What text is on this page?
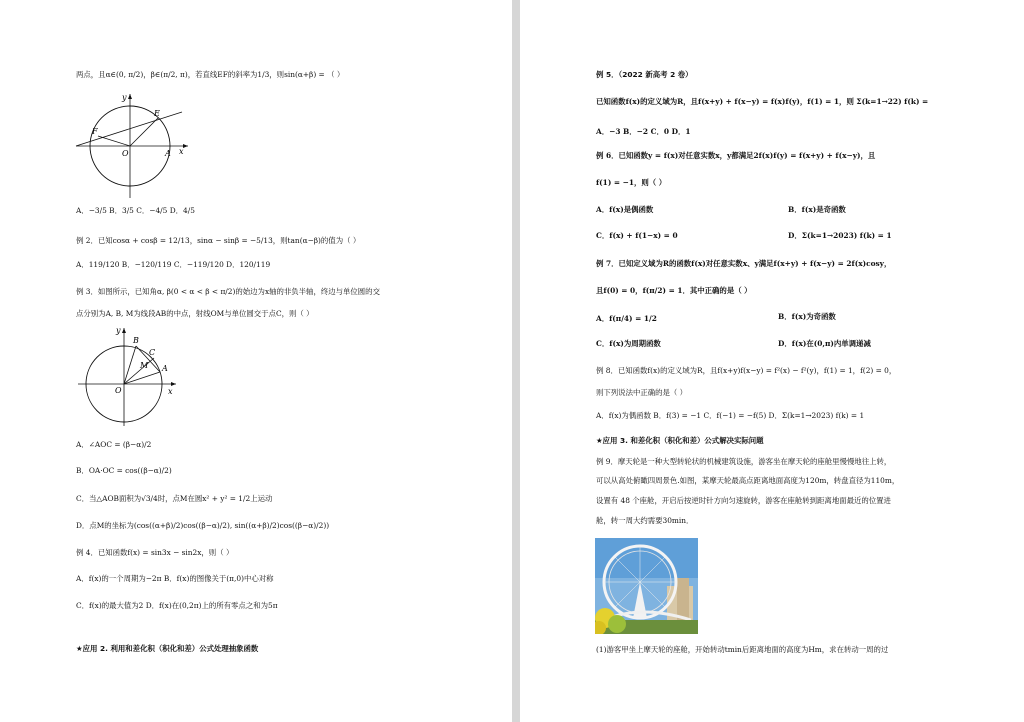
两点，且α∈(0, π/2)，β∈(π/2, π)，若直线EF的斜率为1/3，则sin(α+β) = （ ）
y
E
F
O	A x
A．−3/5 B．3/5 C．−4/5 D．4/5
例 2．已知cosα + cosβ = 12/13，sinα − sinβ = −5/13，则tan(α−β)的值为（ ）
A．119/120 B．−120/119 C．−119/120 D．120/119
例 3．如图所示，已知角α, β(0 < α < β < π/2)的始边为x轴的非负半轴，终边与单位圆的交
点分别为A, B, M为线段AB的中点，射线OM与单位圆交于点C，则（ ）
y
B
C
M A
O	x
A．∠AOC = (β−α)/2
B．OA·OC = cos((β−α)/2)
C．当△AOB面积为√3/4时，点M在圆x² + y² = 1/2上运动
D．点M的坐标为(cos((α+β)/2)cos((β−α)/2), sin((α+β)/2)cos((β−α)/2))
例 4．已知函数f(x) = sin3x − sin2x，则（ ）
A．f(x)的一个周期为−2π B．f(x)的图像关于(π,0)中心对称
C．f(x)的最大值为2 D．f(x)在(0,2π)上的所有零点之和为5π
★应用 2. 利用和差化积（积化和差）公式处理抽象函数
例 5．（2022 新高考 2 卷）
已知函数f(x)的定义域为R，且f(x+y) + f(x−y) = f(x)f(y)，f(1) = 1，则 Σ(k=1→22) f(k) =
A．−3 B．−2 C．0 D．1
例 6．已知函数y = f(x)对任意实数x，y都满足2f(x)f(y) = f(x+y) + f(x−y)，且
f(1) = −1，则（ ）
A．f(x)是偶函数	B．f(x)是奇函数
C．f(x) + f(1−x) = 0	D．Σ(k=1→2023) f(k) = 1
例 7．已知定义域为R的函数f(x)对任意实数x、y满足f(x+y) + f(x−y) = 2f(x)cosy，
且f(0) = 0，f(π/2) = 1．其中正确的是（ ）
A．f(π/4) = 1/2	B．f(x)为奇函数
C．f(x)为周期函数	D．f(x)在(0,π)内单调递减
例 8．已知函数f(x)的定义域为R，且f(x+y)f(x−y) = f²(x) − f²(y)，f(1) = 1，f(2) = 0，
则下列说法中正确的是（ ）
A．f(x)为偶函数 B．f(3) = −1 C．f(−1) = −f(5) D．Σ(k=1→2023) f(k) = 1
★应用 3. 和差化积（积化和差）公式解决实际问题
例 9．摩天轮是一种大型转轮状的机械建筑设施，游客坐在摩天轮的座舱里慢慢地往上转，
可以从高处俯瞰四周景色.如图，某摩天轮最高点距离地面高度为120m，转盘直径为110m，
设置有 48 个座舱，开启后按逆时针方向匀速旋转，游客在座舱转到距离地面最近的位置进
舱，转一周大约需要30min．
(1)游客甲坐上摩天轮的座舱，开始转动tmin后距离地面的高度为Hm，求在转动一周的过
